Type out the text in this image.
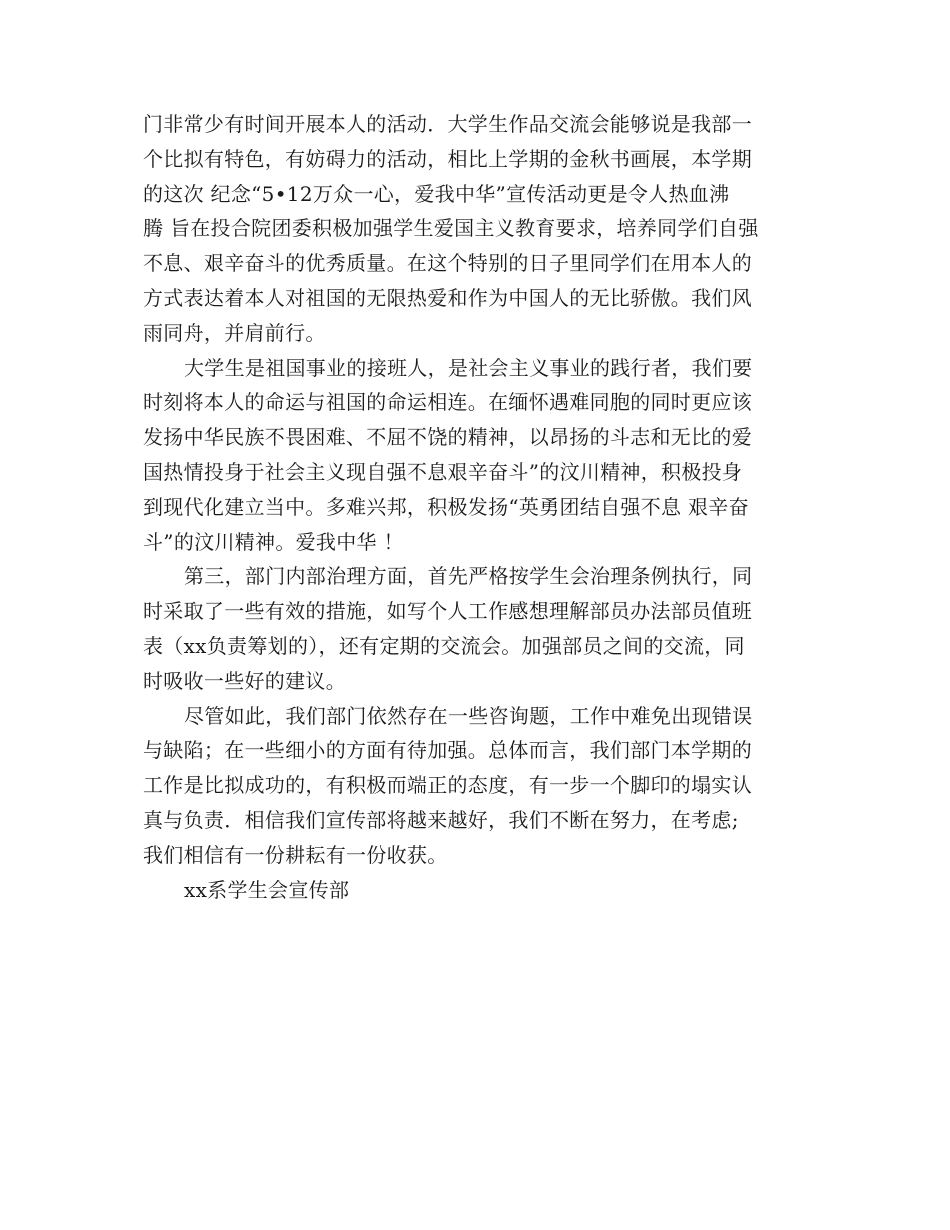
门非常少有时间开展本人的活动．大学生作品交流会能够说是我部一
个比拟有特色，有妨碍力的活动，相比上学期的金秋书画展，本学期
的这次 纪念“5•12万众一心，爱我中华”宣传活动更是令人热血沸
腾 旨在投合院团委积极加强学生爱国主义教育要求，培养同学们自强
不息、艰辛奋斗的优秀质量。在这个特别的日子里同学们在用本人的
方式表达着本人对祖国的无限热爱和作为中国人的无比骄傲。我们风
雨同舟，并肩前行。
大学生是祖国事业的接班人，是社会主义事业的践行者，我们要
时刻将本人的命运与祖国的命运相连。在缅怀遇难同胞的同时更应该
发扬中华民族不畏困难、不屈不饶的精神，以昂扬的斗志和无比的爱
国热情投身于社会主义现自强不息艰辛奋斗”的汶川精神，积极投身
到现代化建立当中。多难兴邦，积极发扬“英勇团结自强不息 艰辛奋
斗”的汶川精神。爱我中华 ！
第三，部门内部治理方面，首先严格按学生会治理条例执行，同
时采取了一些有效的措施，如写个人工作感想理解部员办法部员值班
表（xx负责筹划的），还有定期的交流会。加强部员之间的交流，同
时吸收一些好的建议。
尽管如此，我们部门依然存在一些咨询题，工作中难免出现错误
与缺陷；在一些细小的方面有待加强。总体而言，我们部门本学期的
工作是比拟成功的，有积极而端正的态度，有一步一个脚印的塌实认
真与负责．相信我们宣传部将越来越好，我们不断在努力，在考虑;
我们相信有一份耕耘有一份收获。
xx系学生会宣传部
